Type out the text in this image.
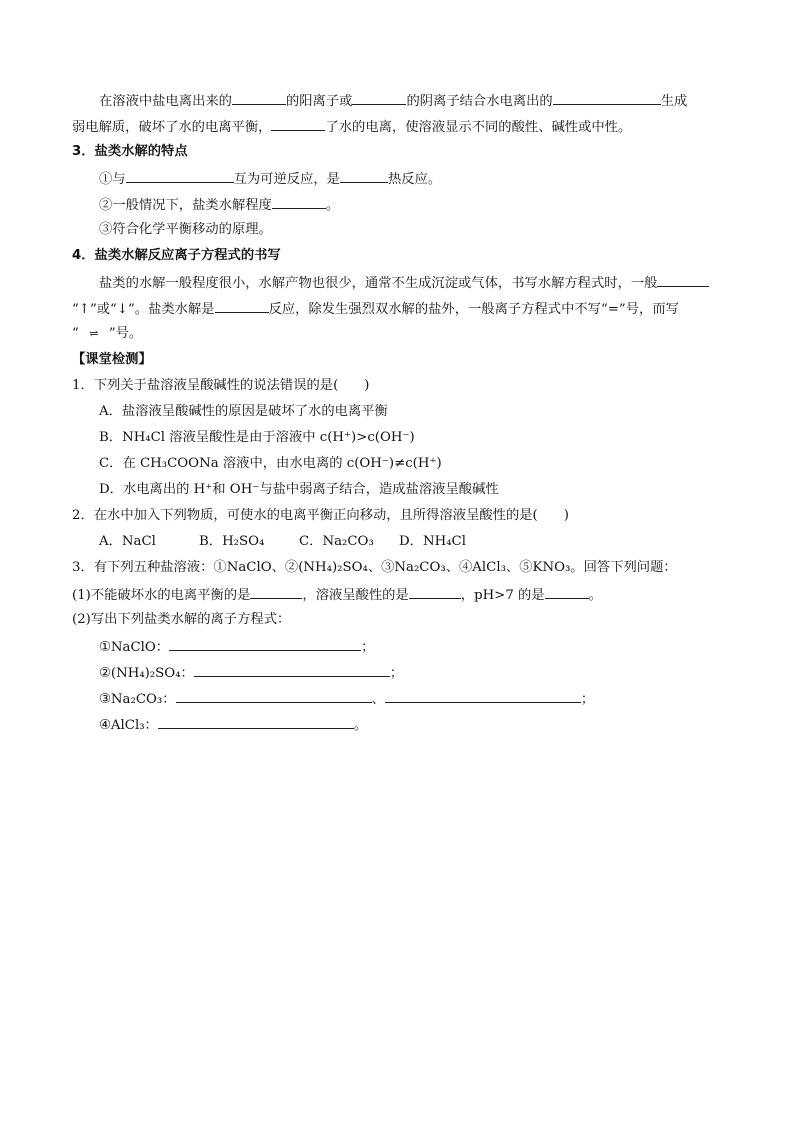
在溶液中盐电离出来的	的阳离子或	的阴离子结合水电离出的	生成
弱电解质，破坏了水的电离平衡，	了水的电离，使溶液显示不同的酸性、碱性或中性。
3．盐类水解的特点
①与	互为可逆反应，是	热反应。
②一般情况下，盐类水解程度	。
③符合化学平衡移动的原理。
4．盐类水解反应离子方程式的书写
盐类的水解一般程度很小，水解产物也很少，通常不生成沉淀或气体，书写水解方程式时，一般
“↑”或“↓”。盐类水解是	反应，除发生强烈双水解的盐外，一般离子方程式中不写“=”号，而写
“ ⇌ ”号。
【课堂检测】
1．下列关于盐溶液呈酸碱性的说法错误的是( )
A．盐溶液呈酸碱性的原因是破坏了水的电离平衡
B．NH₄Cl 溶液呈酸性是由于溶液中 c(H⁺)>c(OH⁻)
C．在 CH₃COONa 溶液中，由水电离的 c(OH⁻)≠c(H⁺)
D．水电离出的 H⁺和 OH⁻与盐中弱离子结合，造成盐溶液呈酸碱性
2．在水中加入下列物质，可使水的电离平衡正向移动，且所得溶液呈酸性的是( )
A．NaCl	B．H₂SO₄	C．Na₂CO₃ D．NH₄Cl
3．有下列五种盐溶液：①NaClO、②(NH₄)₂SO₄、③Na₂CO₃、④AlCl₃、⑤KNO₃。回答下列问题：
(1)不能破坏水的电离平衡的是	，溶液呈酸性的是	，pH>7 的是	。
(2)写出下列盐类水解的离子方程式：
①NaClO：	；
②(NH₄)₂SO₄：	；
③Na₂CO₃：	、	；
④AlCl₃：	。
